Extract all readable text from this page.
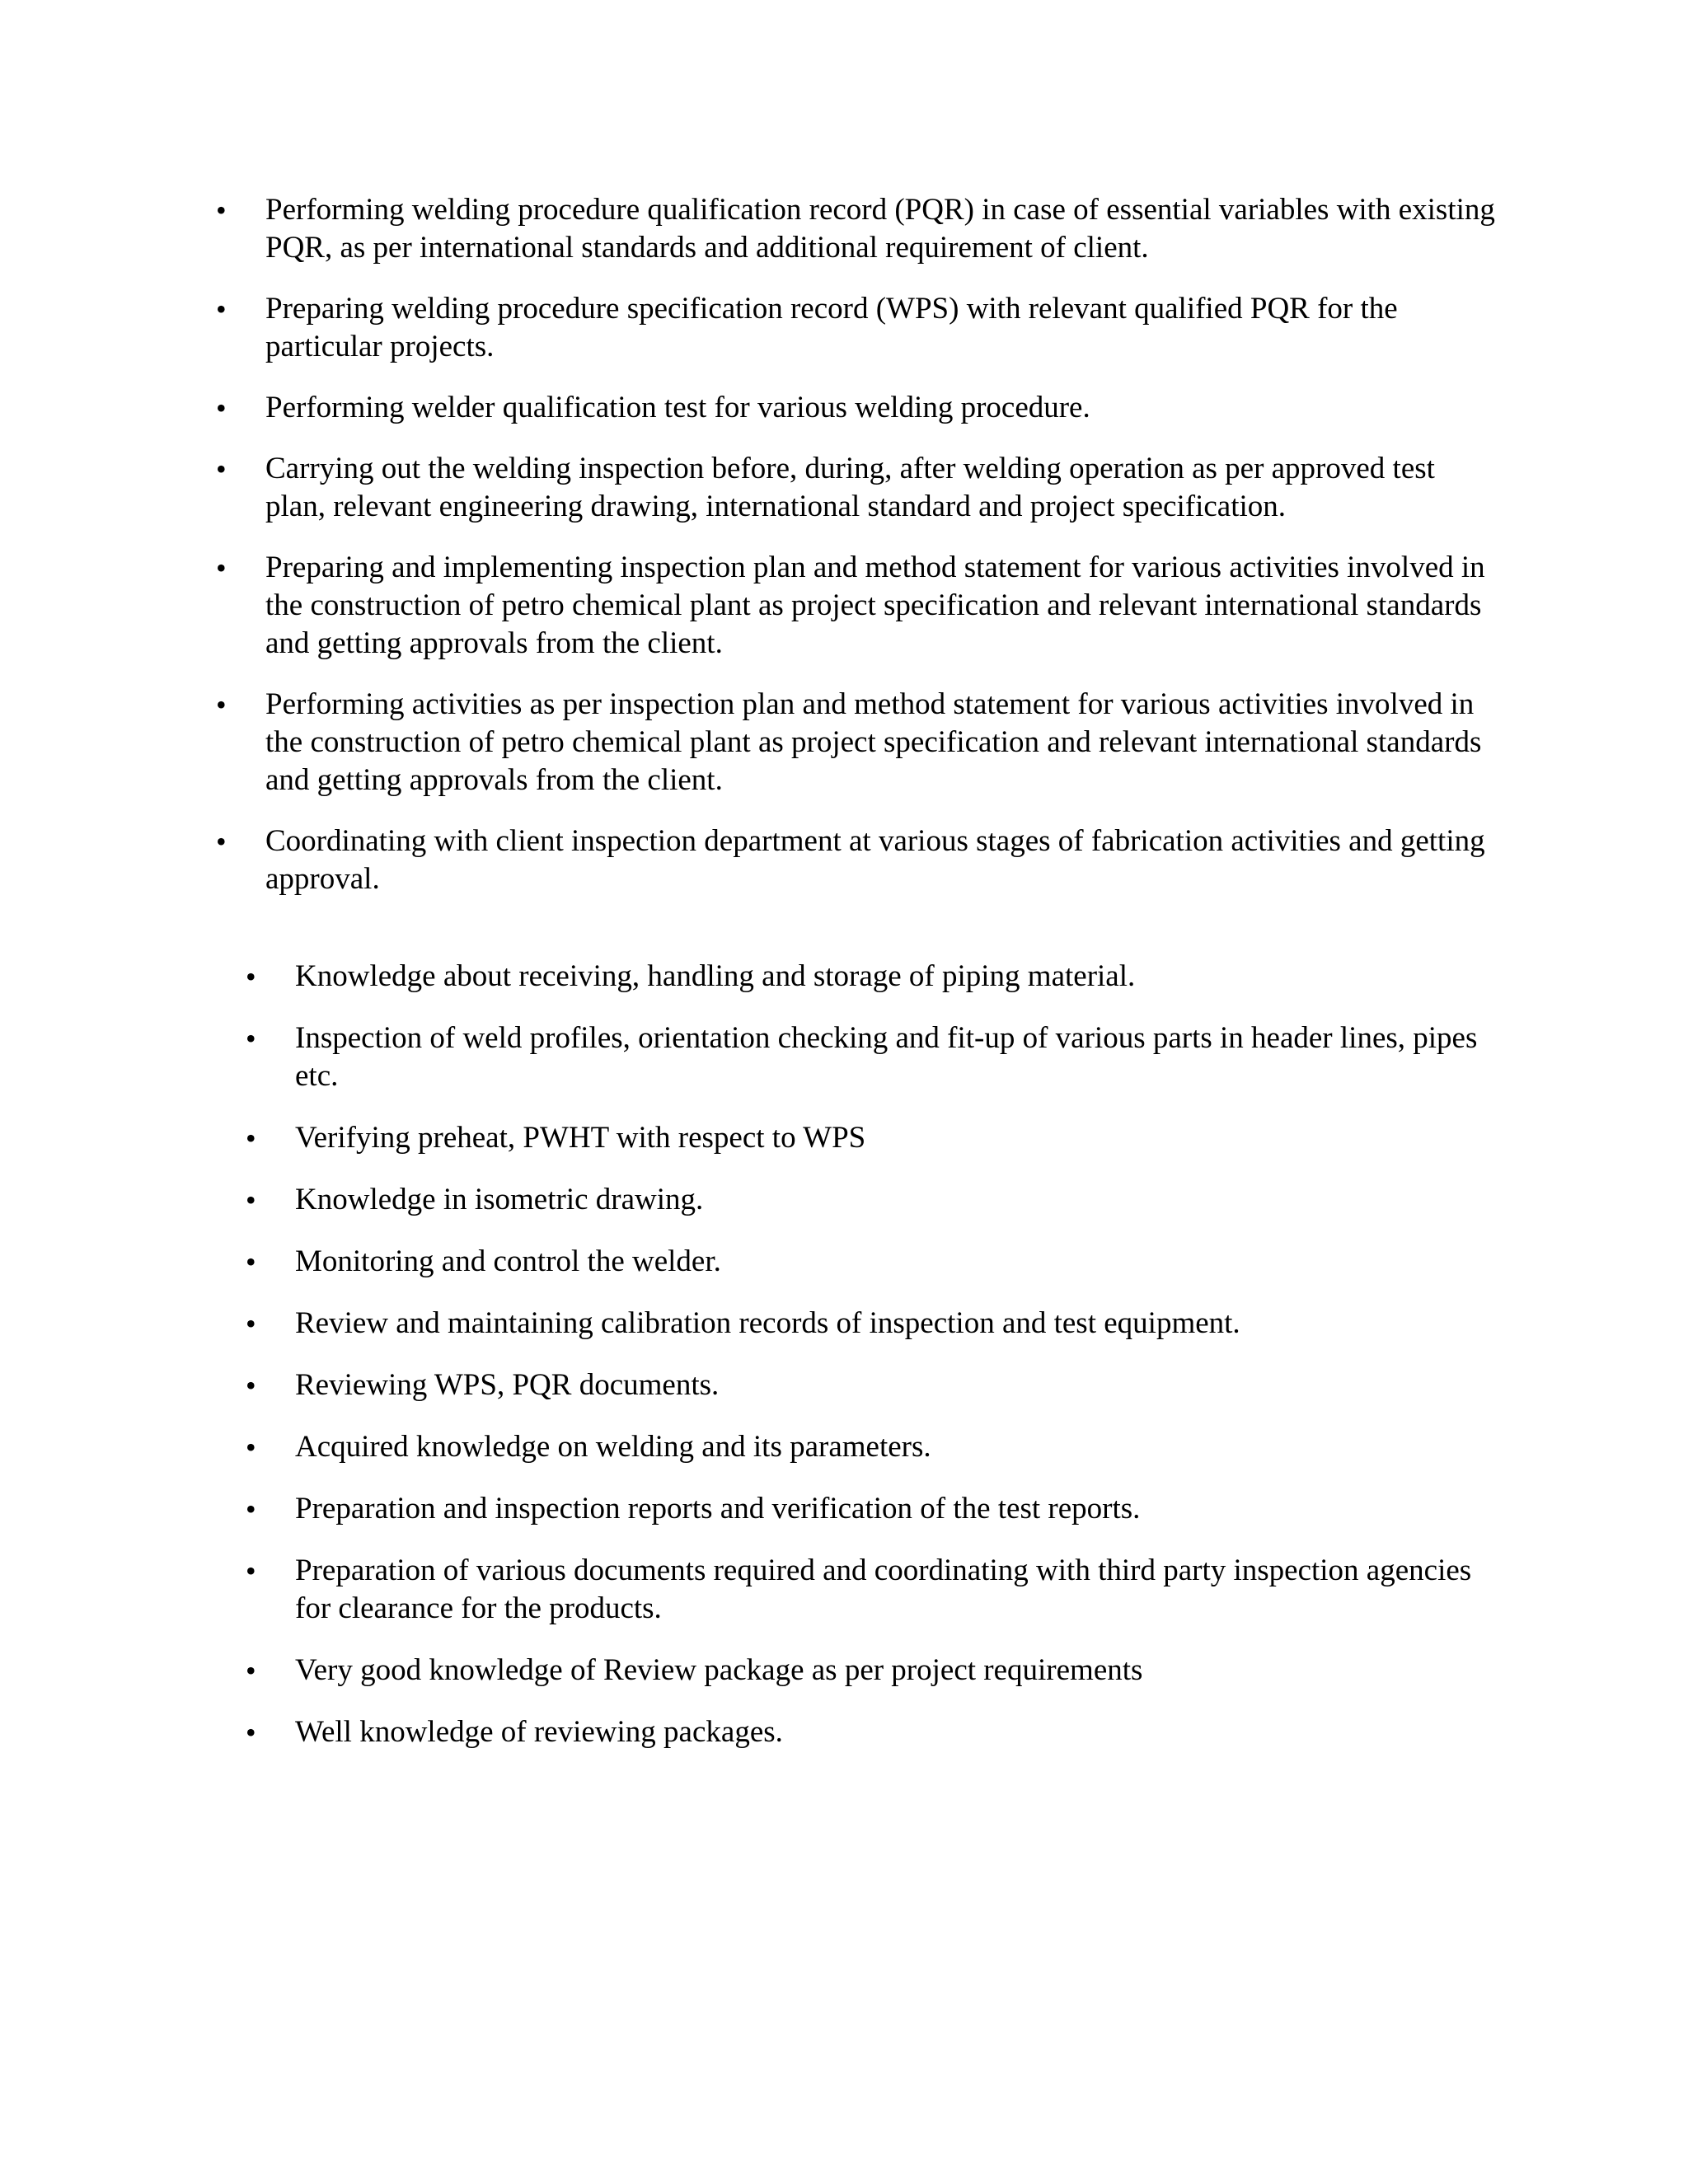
•	Performing welding procedure qualification record (PQR) in case of essential variables with existing PQR, as per international standards and additional requirement of client.
•	Preparing welding procedure specification record (WPS) with relevant qualified PQR for the particular projects.
•	Performing welder qualification test for various welding procedure.
•	Carrying out the welding inspection before, during, after welding operation as per approved test plan, relevant engineering drawing, international standard and project specification.
•	Preparing and implementing inspection plan and method statement for various activities involved in the construction of petro chemical plant as project specification and relevant international standards and getting approvals from the client.
•	Performing activities as per inspection plan and method statement for various activities involved in the construction of petro chemical plant as project specification and relevant international standards and getting approvals from the client.
•	Coordinating with client inspection department at various stages of fabrication activities and getting approval.
•	Knowledge about receiving, handling and storage of piping material.
•	Inspection of weld profiles, orientation checking and fit-up of various parts in header lines, pipes etc.
•	Verifying preheat, PWHT with respect to WPS
•	Knowledge in isometric drawing.
•	Monitoring and control the welder.
•	Review and maintaining calibration records of inspection and test equipment.
•	Reviewing WPS, PQR documents.
•	Acquired knowledge on welding and its parameters.
•	Preparation and inspection reports and verification of the test reports.
•	Preparation of various documents required and coordinating with third party inspection agencies for clearance for the products.
•	Very good knowledge of Review package as per project requirements
•	Well knowledge of reviewing packages.
